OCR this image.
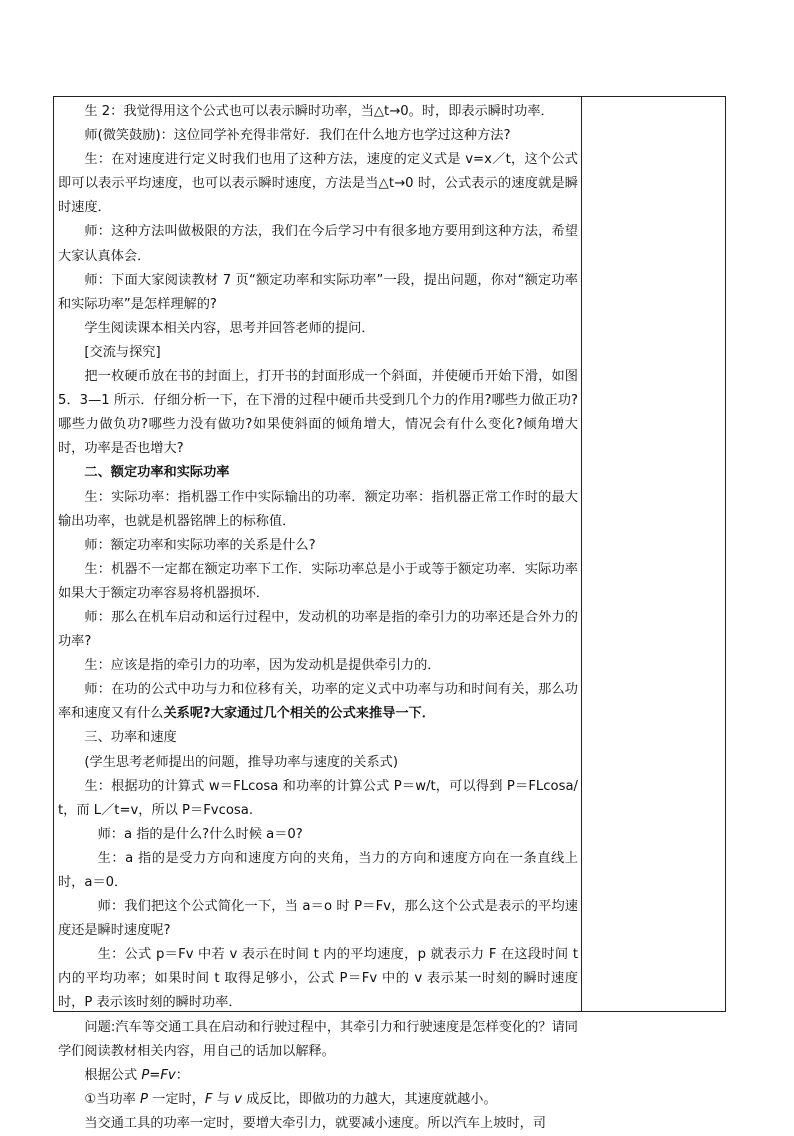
生 2：我觉得用这个公式也可以表示瞬时功率，当△t→0。时，即表示瞬时功率．

师(微笑鼓励)：这位同学补充得非常好．我们在什么地方也学过这种方法?

生：在对速度进行定义时我们也用了这种方法，速度的定义式是 v=x／t，这个公式即可以表示平均速度，也可以表示瞬时速度，方法是当△t→0 时，公式表示的速度就是瞬时速度．

师：这种方法叫做极限的方法，我们在今后学习中有很多地方要用到这种方法，希望大家认真体会．

师：下面大家阅读教材 7 页“额定功率和实际功率”一段，提出问题，你对“额定功率和实际功率”是怎样理解的?

学生阅读课本相关内容，思考并回答老师的提问．

[交流与探究]

把一枚硬币放在书的封面上，打开书的封面形成一个斜面，并使硬币开始下滑，如图 5．3—1 所示．仔细分析一下，在下滑的过程中硬币共受到几个力的作用?哪些力做正功?哪些力做负功?哪些力没有做功?如果使斜面的倾角增大，情况会有什么变化?倾角增大时，功率是否也增大?

二、额定功率和实际功率

生：实际功率：指机器工作中实际输出的功率．额定功率：指机器正常工作时的最大输出功率，也就是机器铭牌上的标称值．

师：额定功率和实际功率的关系是什么?

生：机器不一定都在额定功率下工作．实际功率总是小于或等于额定功率．实际功率如果大于额定功率容易将机器损坏．

师：那么在机车启动和运行过程中，发动机的功率是指的牵引力的功率还是合外力的功率?

生：应该是指的牵引力的功率，因为发动机是提供牵引力的．

师：在功的公式中功与力和位移有关，功率的定义式中功率与功和时间有关，那么功率和速度又有什么关系呢?大家通过几个相关的公式来推导一下．

三、功率和速度

(学生思考老师提出的问题，推导功率与速度的关系式)

生：根据功的计算式 w＝FLcosa 和功率的计算公式 P＝w/t，可以得到 P＝FLcosa/t，而 L／t=v，所以 P＝Fvcosa.

师：a 指的是什么?什么时候 a＝0?

生：a 指的是受力方向和速度方向的夹角，当力的方向和速度方向在一条直线上时，a＝0．

师：我们把这个公式简化一下，当 a＝o 时 P＝Fv，那么这个公式是表示的平均速度还是瞬时速度呢?

生：公式 p＝Fv 中若 v 表示在时间 t 内的平均速度，p 就表示力 F 在这段时间 t 内的平均功率；如果时间 t 取得足够小，公式 P＝Fv 中的 v 表示某一时刻的瞬时速度时，P 表示该时刻的瞬时功率．

问题:汽车等交通工具在启动和行驶过程中，其牵引力和行驶速度是怎样变化的？请同学们阅读教材相关内容，用自己的话加以解释。

根据公式 P=Fv：

①当功率 P 一定时，F 与 v 成反比，即做功的力越大，其速度就越小。

当交通工具的功率一定时，要增大牵引力，就要减小速度。所以汽车上坡时，司
